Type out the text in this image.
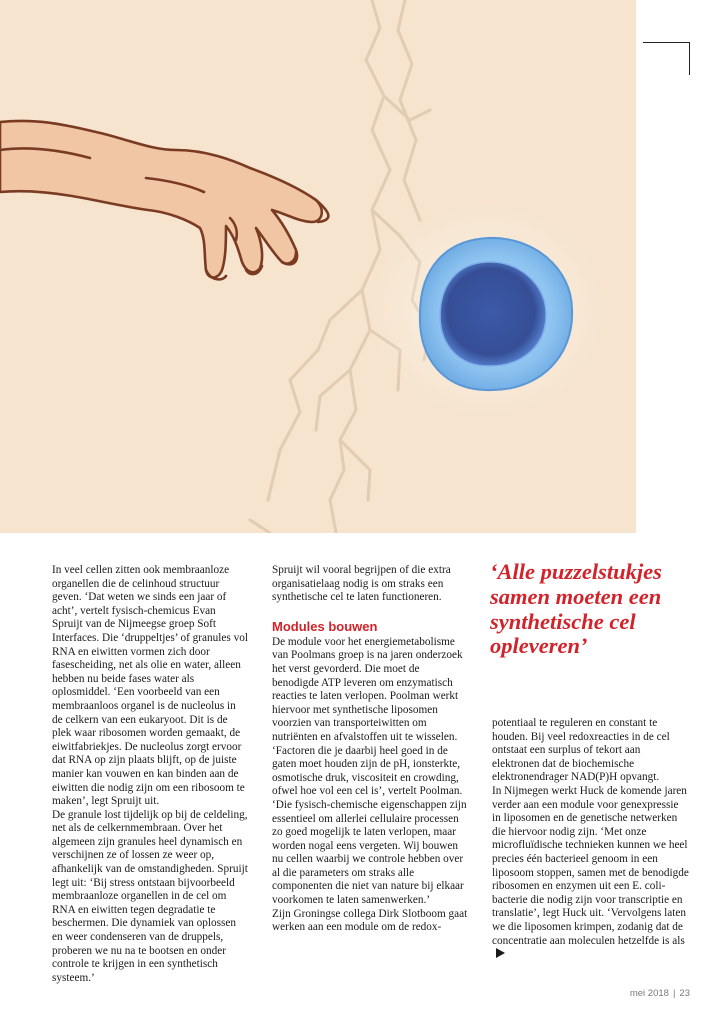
In veel cellen zitten ook membraanloze organellen die de celinhoud structuur geven. ‘Dat weten we sinds een jaar of acht’, vertelt fysisch-chemicus Evan Spruijt van de Nijmeegse groep Soft Interfaces. Die ‘druppeltjes’ of granules vol RNA en eiwitten vormen zich door fasescheiding, net als olie en water, alleen hebben nu beide fases water als oplosmiddel. ‘Een voorbeeld van een membraanloos organel is de nucleolus in de celkern van een eukaryoot. Dit is de plek waar ribosomen worden gemaakt, de eiwitfabriekjes. De nucleolus zorgt ervoor dat RNA op zijn plaats blijft, op de juiste manier kan vouwen en kan binden aan de eiwitten die nodig zijn om een ribosoom te maken’, legt Spruijt uit.

De granule lost tijdelijk op bij de celdeling, net als de celkernmembraan. Over het algemeen zijn granules heel dynamisch en verschijnen ze of lossen ze weer op, afhankelijk van de omstandigheden. Spruijt legt uit: ‘Bij stress ontstaan bijvoorbeeld membraanloze organellen in de cel om RNA en eiwitten tegen degradatie te beschermen. Die dynamiek van oplossen en weer condenseren van de druppels, proberen we nu na te bootsen en onder controle te krijgen in een synthetisch systeem.’

Spruijt wil vooral begrijpen of die extra organisatielaag nodig is om straks een synthetische cel te laten functioneren.

Modules bouwen

De module voor het energiemetabolisme van Poolmans groep is na jaren onderzoek het verst gevorderd. Die moet de benodigde ATP leveren om enzymatisch reacties te laten verlopen. Poolman werkt hiervoor met synthetische liposomen voorzien van transporteiwitten om nutriënten en afvalstoffen uit te wisselen. ‘Factoren die je daarbij heel goed in de gaten moet houden zijn de pH, ionsterkte, osmotische druk, viscositeit en crowding, ofwel hoe vol een cel is’, vertelt Poolman. ‘Die fysisch-chemische eigenschappen zijn essentieel om allerlei cellulaire processen zo goed mogelijk te laten verlopen, maar worden nogal eens vergeten. Wij bouwen nu cellen waarbij we controle hebben over al die parameters om straks alle componenten die niet van nature bij elkaar voorkomen te laten samenwerken.’

Zijn Groningse collega Dirk Slotboom gaat werken aan een module om de redox-

‘Alle puzzelstukjes samen moeten een synthetische cel opleveren’

potentiaal te reguleren en constant te houden. Bij veel redoxreacties in de cel ontstaat een surplus of tekort aan elektronen dat de biochemische elektronendrager NAD(P)H opvangt.

In Nijmegen werkt Huck de komende jaren verder aan een module voor genexpressie in liposomen en de genetische netwerken die hiervoor nodig zijn. ‘Met onze microfluïdische technieken kunnen we heel precies één bacterieel genoom in een liposoom stoppen, samen met de benodigde ribosomen en enzymen uit een E. coli-bacterie die nodig zijn voor transcriptie en translatie’, legt Huck uit. ‘Vervolgens laten we die liposomen krimpen, zodanig dat de concentratie aan moleculen hetzelfde is als

mei 2018 | 23
